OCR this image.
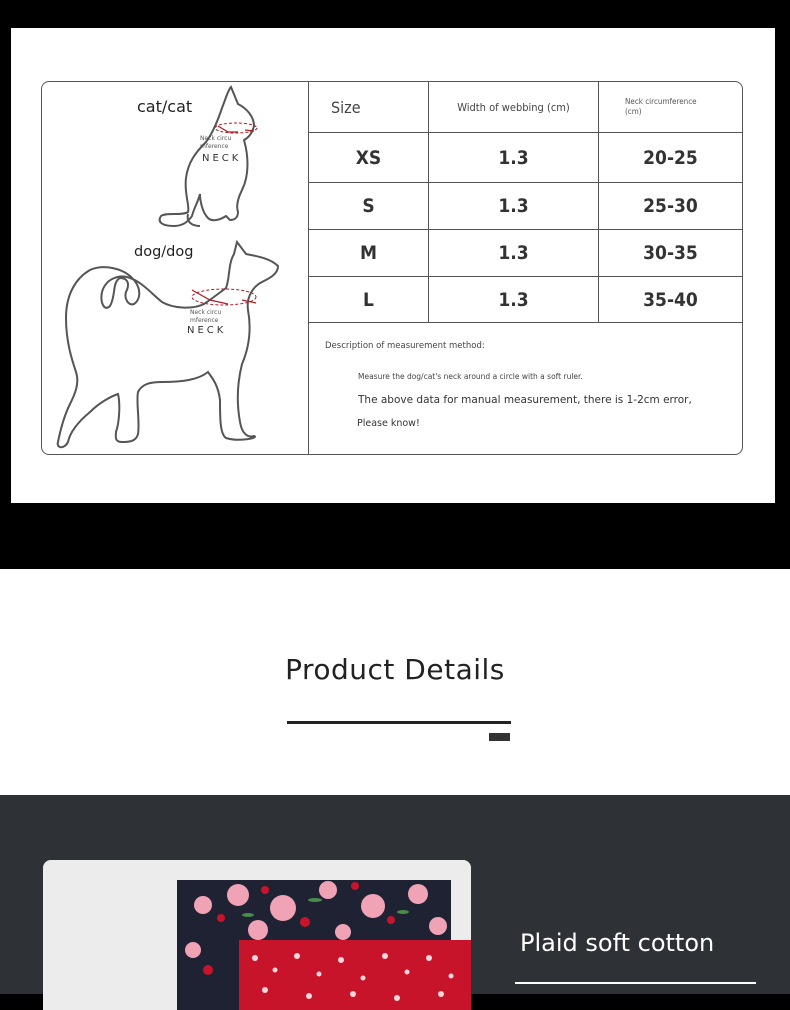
cat/cat
Neck circu
mference
NECK
dog/dog
Neck circu
mference
NECK
Size	Width of webbing (cm)	Neck circumference
(cm)
XS	1.3	20-25
S	1.3	25-30
M	1.3	30-35
L	1.3	35-40
Description of measurement method:
Measure the dog/cat's neck around a circle with a soft ruler.
The above data for manual measurement, there is 1-2cm error,
Please know!
Product Details
Plaid soft cotton
